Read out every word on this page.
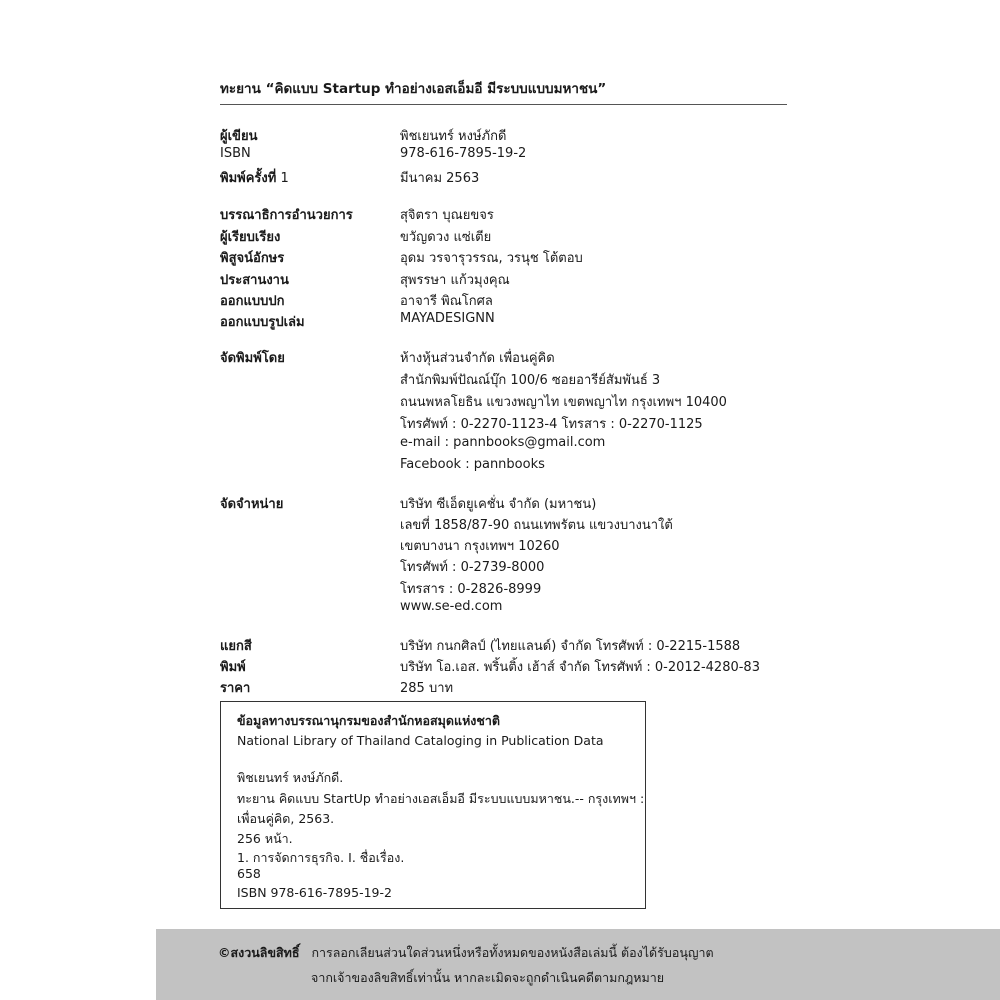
ทะยาน “คิดแบบ Startup ทำอย่างเอสเอ็มอี มีระบบแบบมหาชน”
ผู้เขียน	พิชเยนทร์ หงษ์ภักดี
ISBN	978-616-7895-19-2
พิมพ์ครั้งที่ 1	มีนาคม 2563
บรรณาธิการอำนวยการ	สุจิตรา บุณยขจร
ผู้เรียบเรียง	ขวัญดวง แซ่เตีย
พิสูจน์อักษร	อุดม วรจารุวรรณ, วรนุช โต้ตอบ
ประสานงาน	สุพรรษา แก้วมุงคุณ
ออกแบบปก	อาจารี พิณโกศล
ออกแบบรูปเล่ม	MAYADESIGNN
จัดพิมพ์โดย	ห้างหุ้นส่วนจำกัด เพื่อนคู่คิด
สำนักพิมพ์ปัณณ์บุ๊ก 100/6 ซอยอารีย์สัมพันธ์ 3
ถนนพหลโยธิน แขวงพญาไท เขตพญาไท กรุงเทพฯ 10400
โทรศัพท์ : 0-2270-1123-4 โทรสาร : 0-2270-1125
e-mail : pannbooks@gmail.com
Facebook : pannbooks
จัดจำหน่าย	บริษัท ซีเอ็ดยูเคชั่น จำกัด (มหาชน)
เลขที่ 1858/87-90 ถนนเทพรัตน แขวงบางนาใต้
เขตบางนา กรุงเทพฯ 10260
โทรศัพท์ : 0-2739-8000
โทรสาร : 0-2826-8999
www.se-ed.com
แยกสี	บริษัท กนกศิลป์ (ไทยแลนด์) จำกัด โทรศัพท์ : 0-2215-1588
พิมพ์	บริษัท โอ.เอส. พริ้นติ้ง เฮ้าส์ จำกัด โทรศัพท์ : 0-2012-4280-83
ราคา	285 บาท
ข้อมูลทางบรรณานุกรมของสำนักหอสมุดแห่งชาติ
National Library of Thailand Cataloging in Publication Data
พิชเยนทร์ หงษ์ภักดี.
ทะยาน คิดแบบ StartUp ทำอย่างเอสเอ็มอี มีระบบแบบมหาชน.-- กรุงเทพฯ :
เพื่อนคู่คิด, 2563.
256 หน้า.
1. การจัดการธุรกิจ. I. ชื่อเรื่อง.
658
ISBN 978-616-7895-19-2
©สงวนลิขสิทธิ์ การลอกเลียนส่วนใดส่วนหนึ่งหรือทั้งหมดของหนังสือเล่มนี้ ต้องได้รับอนุญาต
จากเจ้าของลิขสิทธิ์เท่านั้น หากละเมิดจะถูกดำเนินคดีตามกฎหมาย
